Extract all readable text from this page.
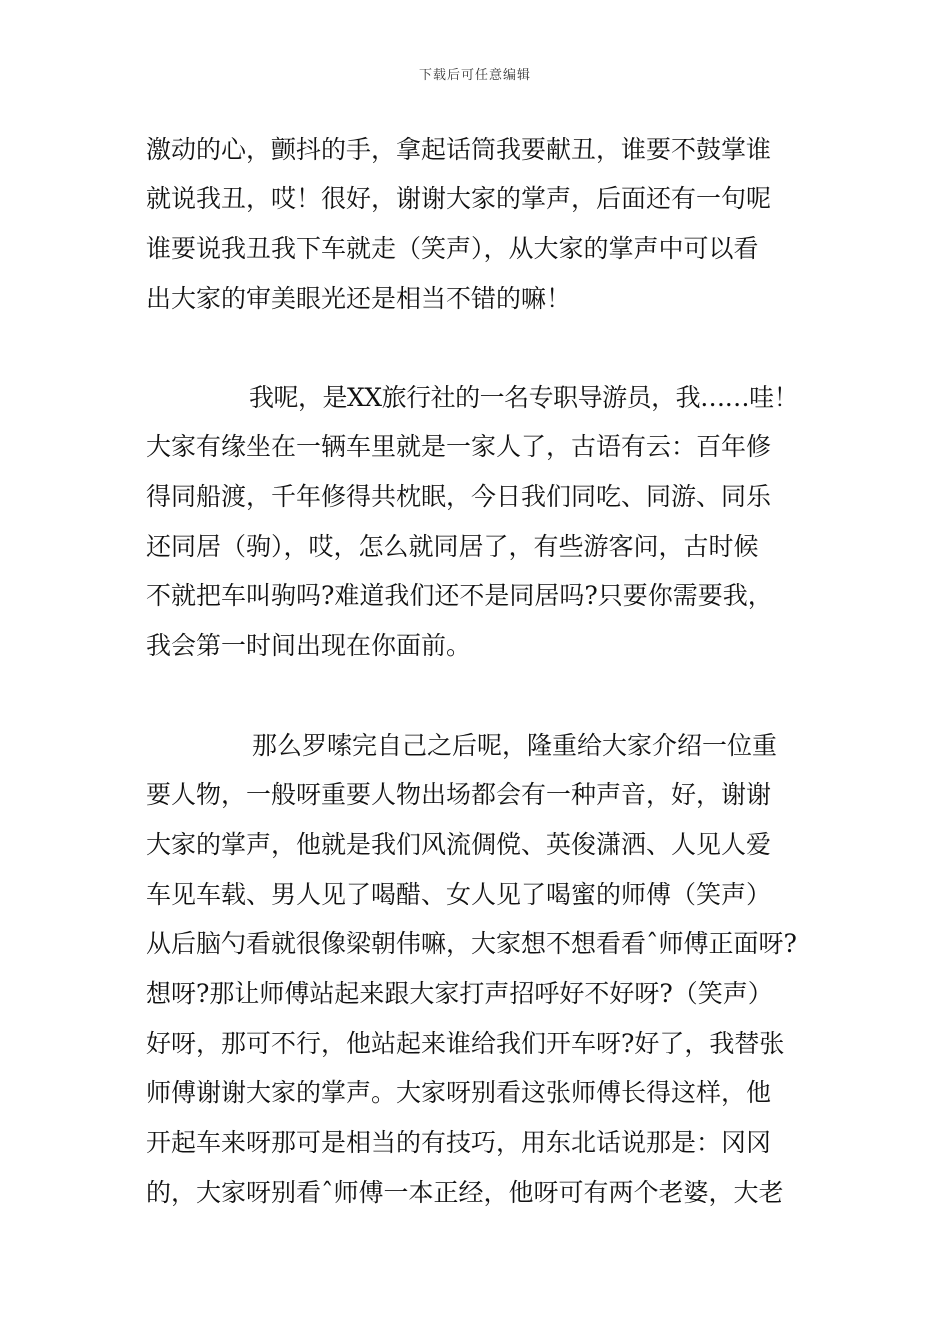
下载后可任意编辑
激动的心，颤抖的手，拿起话筒我要献丑，谁要不鼓掌谁
就说我丑，哎！很好，谢谢大家的掌声，后面还有一句呢
谁要说我丑我下车就走（笑声），从大家的掌声中可以看
出大家的审美眼光还是相当不错的嘛！
我呢，是XX旅行社的一名专职导游员，我……哇！
大家有缘坐在一辆车里就是一家人了，古语有云：百年修
得同船渡，千年修得共枕眠，今日我们同吃、同游、同乐
还同居（驹），哎，怎么就同居了，有些游客问，古时候
不就把车叫驹吗?难道我们还不是同居吗?只要你需要我，
我会第一时间出现在你面前。
那么罗嗦完自己之后呢，隆重给大家介绍一位重
要人物，一般呀重要人物出场都会有一种声音，好，谢谢
大家的掌声，他就是我们风流倜傥、英俊潇洒、人见人爱
车见车载、男人见了喝醋、女人见了喝蜜的师傅（笑声）
从后脑勺看就很像梁朝伟嘛，大家想不想看看ˆ师傅正面呀?
想呀?那让师傅站起来跟大家打声招呼好不好呀?（笑声）
好呀，那可不行，他站起来谁给我们开车呀?好了，我替张
师傅谢谢大家的掌声。大家呀别看这张师傅长得这样，他
开起车来呀那可是相当的有技巧，用东北话说那是：冈冈
的，大家呀别看ˆ师傅一本正经，他呀可有两个老婆，大老
